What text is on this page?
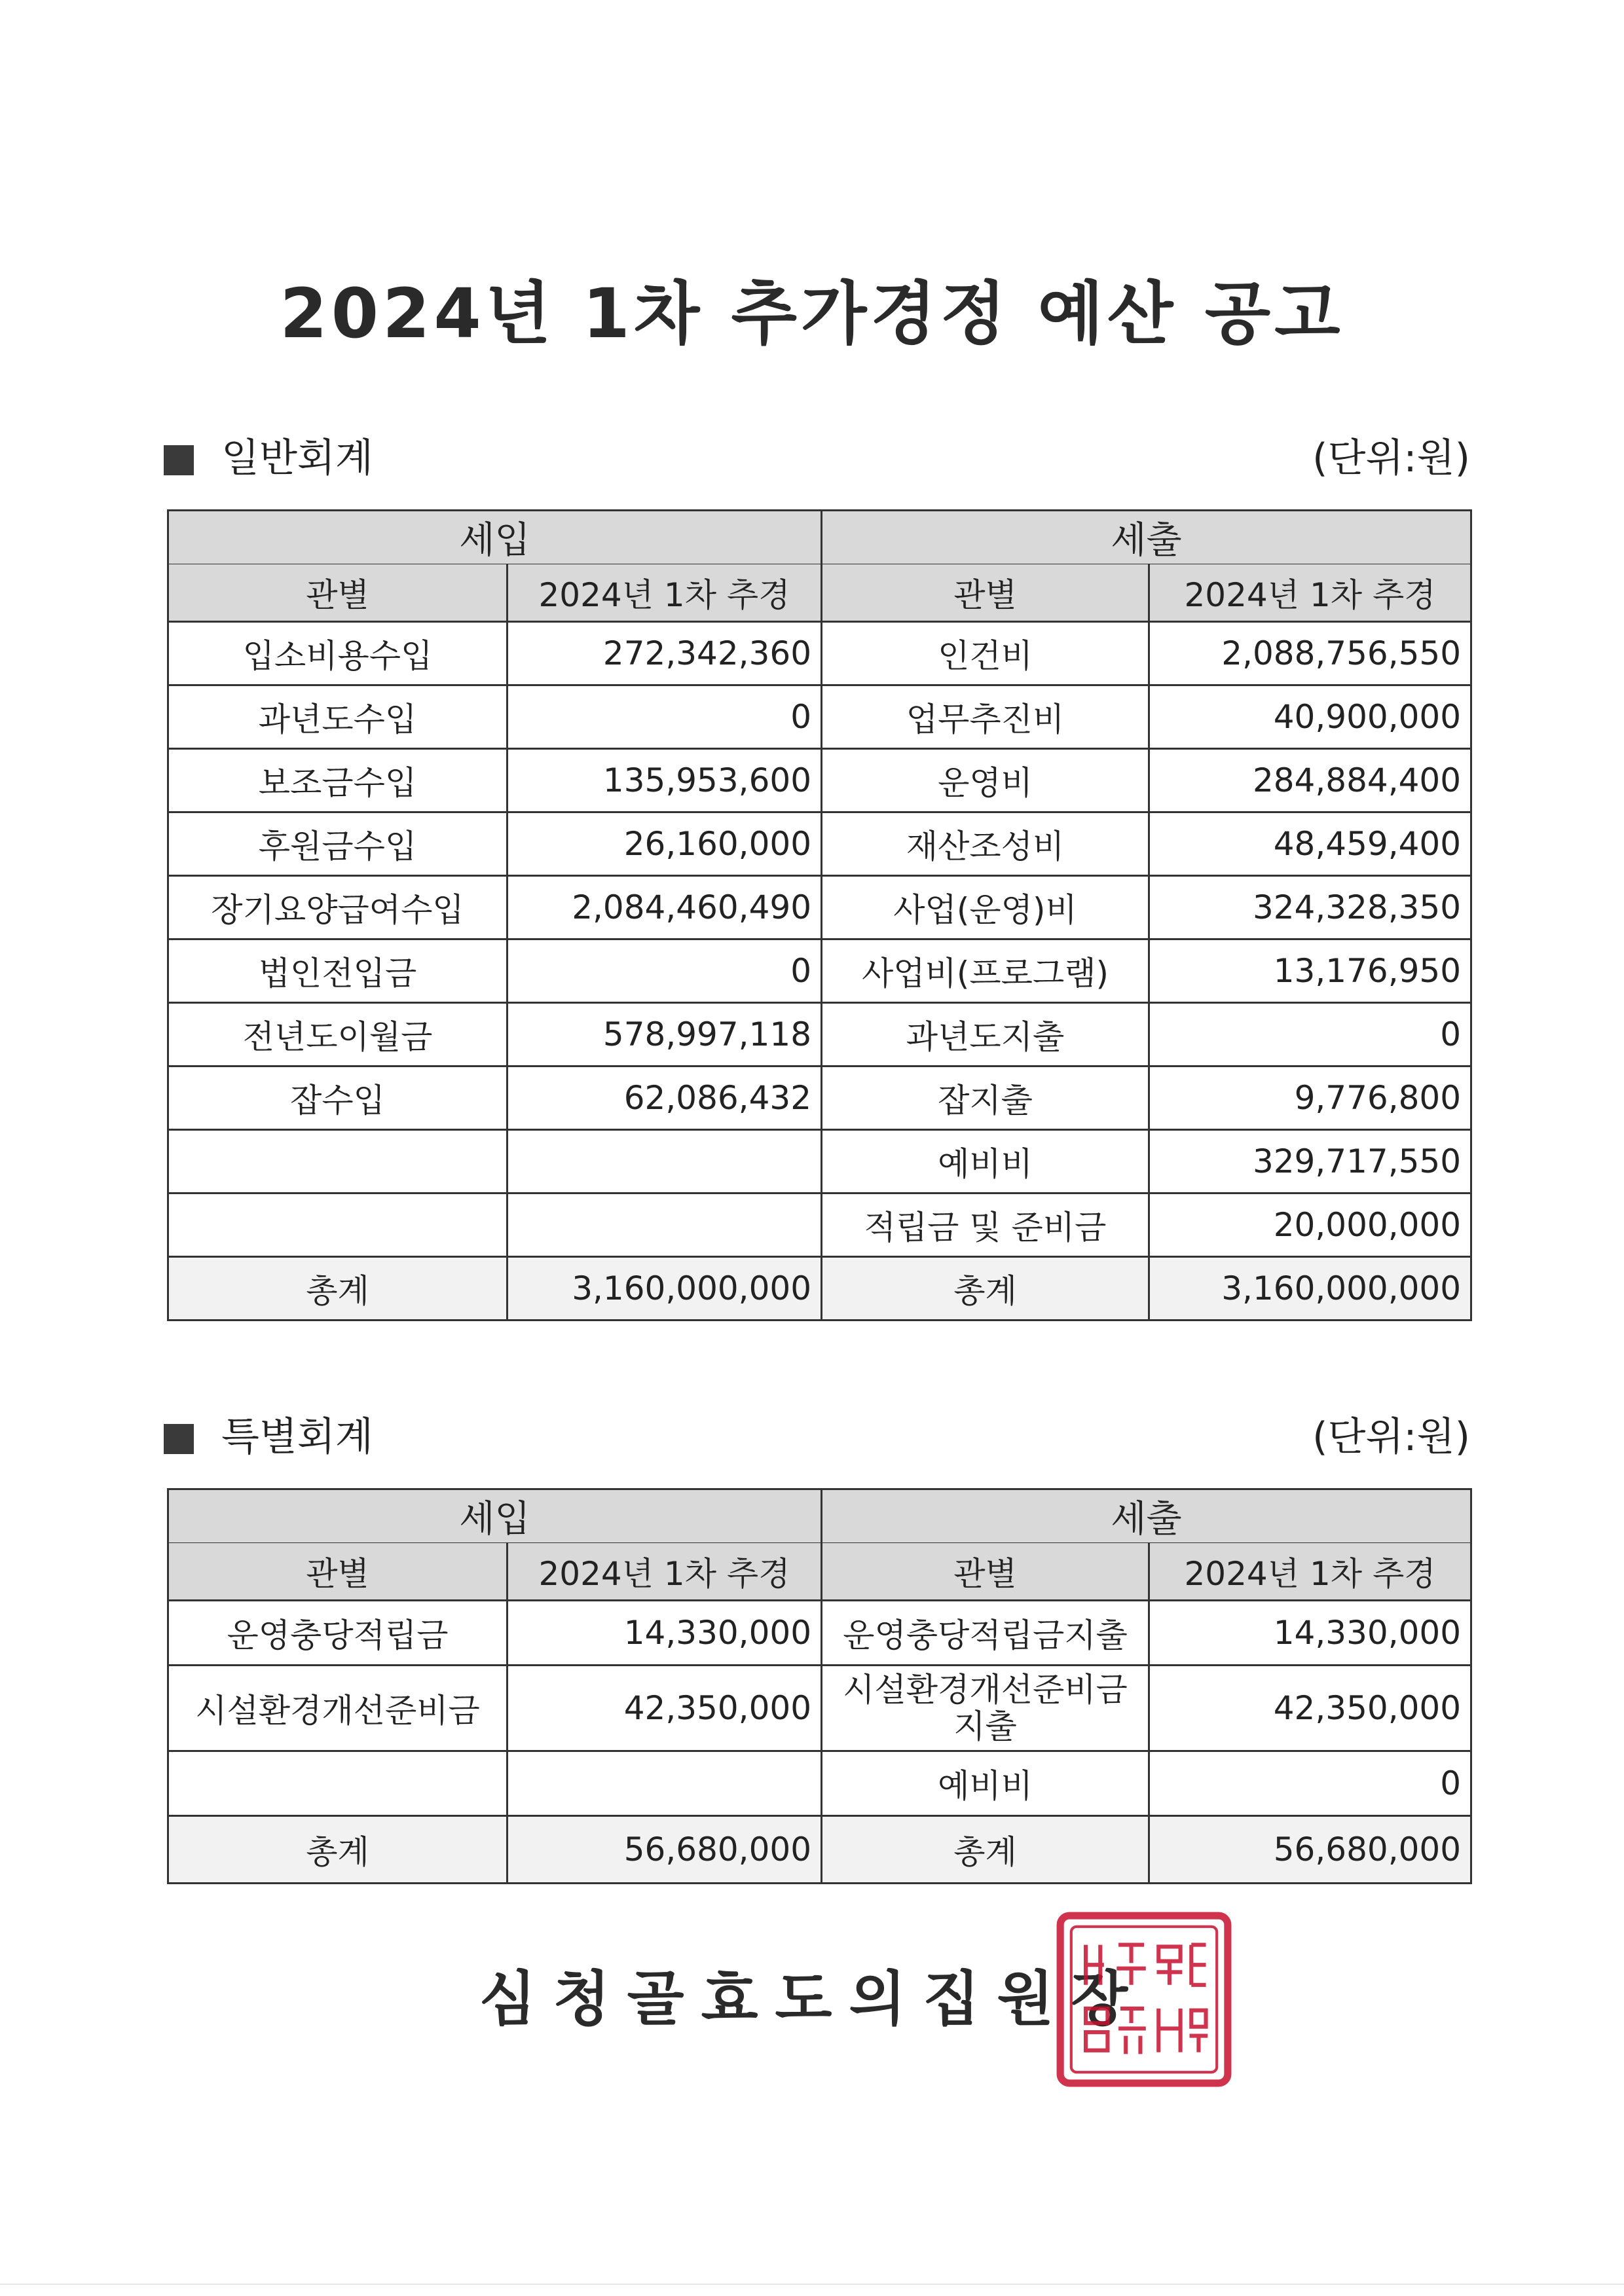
2024년 1차 추가경정 예산 공고
일반회계	(단위:원)
세입		세출	
관별	2024년 1차 추경	관별	2024년 1차 추경
입소비용수입	272,342,360	인건비	2,088,756,550
과년도수입	0	업무추진비	40,900,000
보조금수입	135,953,600	운영비	284,884,400
후원금수입	26,160,000	재산조성비	48,459,400
장기요양급여수입	2,084,460,490	사업(운영)비	324,328,350
법인전입금	0	사업비(프로그램)	13,176,950
전년도이월금	578,997,118	과년도지출	0
잡수입	62,086,432	잡지출	9,776,800
		예비비	329,717,550
		적립금 및 준비금	20,000,000
총계	3,160,000,000	총계	3,160,000,000
특별회계	(단위:원)
세입		세출	
관별	2024년 1차 추경	관별	2024년 1차 추경
운영충당적립금	14,330,000	운영충당적립금지출	14,330,000
시설환경개선준비금	42,350,000	시설환경개선준비금 지출	42,350,000
		예비비	0
총계	56,680,000	총계	56,680,000
심청골효도의집원장
